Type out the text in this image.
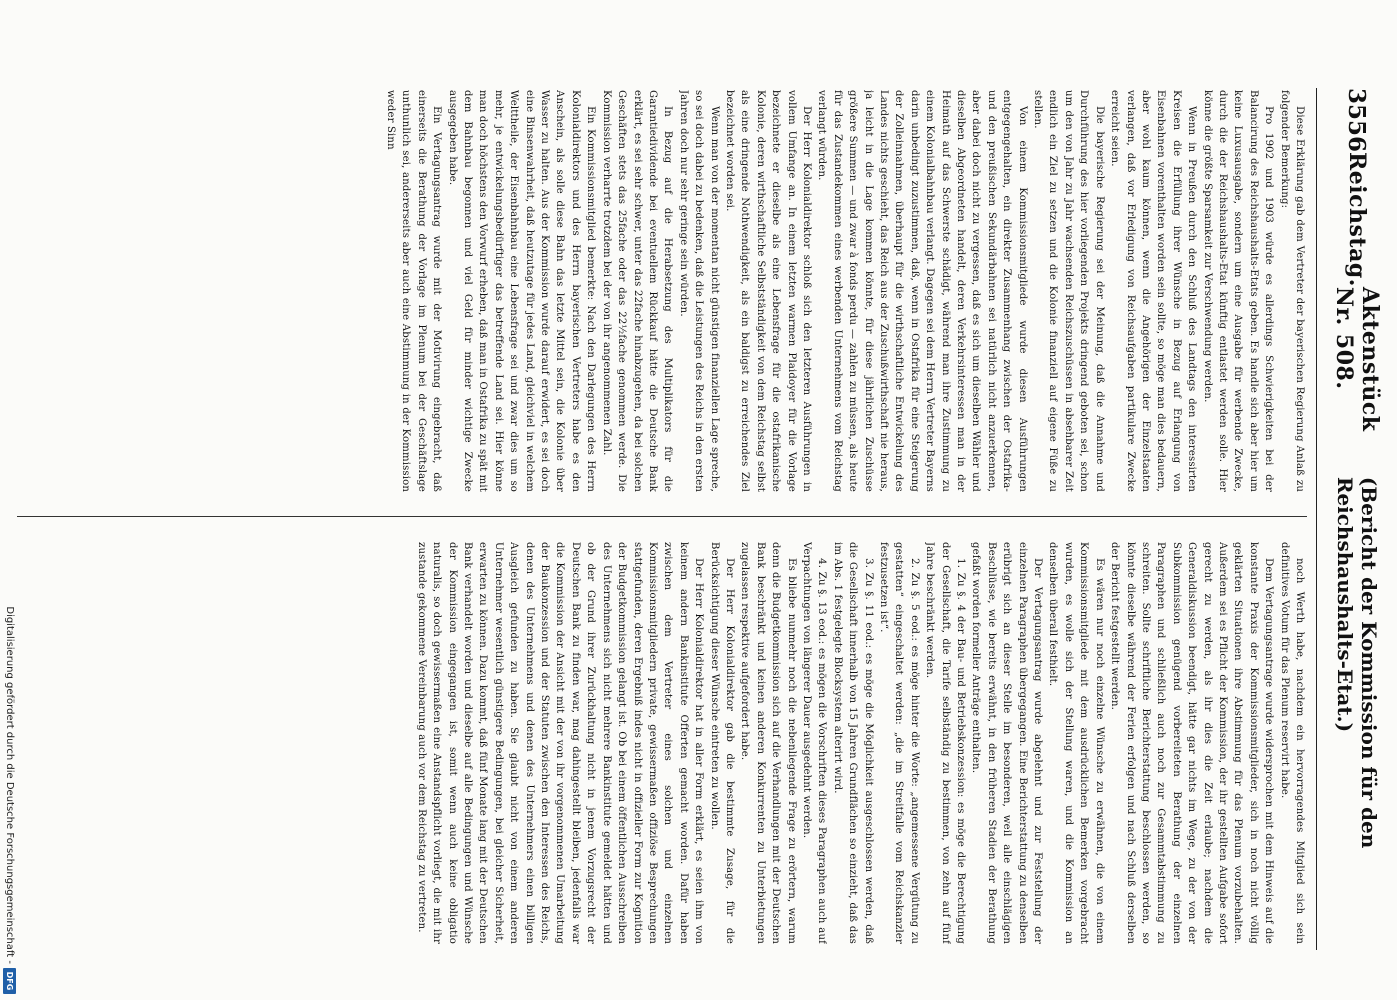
3556
Reichstag.
Aktenstück Nr. 508.
(Bericht der Kommission für den Reichshaushalts-Etat.)

Diese Erklärung gab dem Vertreter der bayerischen Regierung Anlaß zu folgender Bemerkung:

Pro 1902 und 1903 würde es allerdings Schwierigkeiten bei der Balancirung des Reichshaushalts-Etats geben. Es handle sich aber hier um keine Luxusausgabe, sondern um eine Ausgabe für werbende Zwecke, durch die der Reichshaushalts-Etat künftig entlastet werden solle. Hier könne die größte Sparsamkeit zur Verschwendung werden.

Wenn in Preußen durch den Schluß des Landtags den interessirten Kreisen die Erfüllung ihrer Wünsche in Bezug auf Erlangung von Eisenbahnen vorenthalten worden sein sollte, so möge man dies bedauern, aber wohl kaum können, wenn die Angehörigen der Einzelstaaten verlangen, daß vor Erledigung von Reichsaufgaben partikulare Zwecke erreicht seien.

Die bayerische Regierung sei der Meinung, daß die Annahme und Durchführung des hier vorliegenden Projekts dringend geboten sei, schon um den von Jahr zu Jahr wachsenden Reichszuschüssen in absehbarer Zeit endlich ein Ziel zu setzen und die Kolonie finanziell auf eigene Füße zu stellen.

Von einem Kommissionsmitgliede wurde diesen Ausführungen entgegengehalten, ein direkter Zusammenhang zwischen der Ostafrika- und den preußischen Sekundärbahnen sei natürlich nicht anzuerkennen, aber dabei doch nicht zu vergessen, daß es sich um dieselben Wähler und dieselben Abgeordneten handelt, deren Verkehrsinteressen man in der Heimath auf das Schwerste schädigt, während man ihre Zustimmung zu einem Kolonialbahnbau verlangt. Dagegen sei dem Herrn Vertreter Bayerns darin unbedingt zuzustimmen, daß, wenn in Ostafrika für eine Steigerung der Zolleinnahmen, überhaupt für die wirthschaftliche Entwickelung des Landes nichts geschieht, das Reich aus der Zuschußwirthschaft nie heraus, ja leicht in die Lage kommen könnte, für diese jährlichen Zuschüsse größere Summen — und zwar à fonds perdu — zahlen zu müssen, als heute für das Zustandekommen eines werbenden Unternehmens vom Reichstag verlangt würden.

Der Herr Kolonialdirektor schloß sich den letzteren Ausführungen in vollem Umfange an. In einem letzten warmen Plaidoyer für die Vorlage bezeichnete er dieselbe als eine Lebensfrage für die ostafrikanische Kolonie, deren wirthschaftliche Selbstständigkeit von dem Reichstag selbst als eine dringende Nothwendigkeit, als ein baldigst zu erreichendes Ziel bezeichnet worden sei.

Wenn man von der momentan nicht günstigen finanziellen Lage spreche, so sei doch dabei zu bedenken, daß die Leistungen des Reichs in den ersten Jahren doch nur sehr geringe sein würden.

In Bezug auf die Herabsetzung des Multiplikators für die Garantiedividende bei eventuellem Rückkauf hätte die Deutsche Bank erklärt, es sei sehr schwer, unter das 22fache hinabzugehen, da bei solchen Geschäften stets das 25fache oder das 22½fache genommen werde. Die Kommission verharrte trotzdem bei der von ihr angenommenen Zahl.

Ein Kommissionsmitglied bemerkte: Nach den Darlegungen des Herrn Kolonialdirektors und des Herrn bayerischen Vertreters habe es den Anschein, als solle diese Bahn das letzte Mittel sein, die Kolonie über Wasser zu halten. Aus der Kommission wurde darauf erwidert, es sei doch eine Binsenwahrheit, daß heutzutage für jedes Land, gleichviel in welchem Welttheile, der Eisenbahnbau eine Lebensfrage sei und zwar dies um so mehr, je entwickelungsbedürftiger das betreffende Land sei. Hier könne man doch höchstens den Vorwurf erheben, daß man in Ostafrika zu spät mit dem Bahnbau begonnen und viel Geld für minder wichtige Zwecke ausgegeben habe.

Ein Vertagungsantrag wurde mit der Motivirung eingebracht, daß einerseits die Berathung der Vorlage im Plenum bei der Geschäftslage unthunlich sei, andererseits aber auch eine Abstimmung in der Kommission weder Sinn

noch Werth habe, nachdem ein hervorragendes Mitglied sich sein definitives Votum für das Plenum reservirt habe.

Dem Vertagungsantrage wurde widersprochen mit dem Hinweis auf die konstante Praxis der Kommissionsmitglieder, sich in noch nicht völlig geklärten Situationen ihre Abstimmung für das Plenum vorzubehalten. Außerdem sei es Pflicht der Kommission, der ihr gestellten Aufgabe sofort gerecht zu werden, als ihr dies die Zeit erlaube; nachdem die Generaldiskussion beendigt, hätte gar nichts im Wege, zu der von der Subkommission genügend vorbereiteten Berathung der einzelnen Paragraphen und schließlich auch noch zur Gesammtabstimmung zu schreiten. Sollte schriftliche Berichterstattung beschlossen werden, so könnte dieselbe während der Ferien erfolgen und nach Schluß derselben der Bericht festgestellt werden.

Es wären nur noch einzelne Wünsche zu erwähnen, die von einem Kommissionsmitgliede mit dem ausdrücklichen Bemerken vorgebracht wurden, es wolle sich der Stellung waren, und die Kommission an denselben überall festhielt.

Der Vertagungsantrag wurde abgelehnt und zur Feststellung der einzelnen Paragraphen übergegangen. Eine Berichterstattung zu denselben erübrigt sich an dieser Stelle im besonderen, weil alle einschlägigen Beschlüsse, wie bereits erwähnt, in den früheren Stadien der Berathung gefaßt worden formeller Anträge enthalten.

1. Zu §. 4 der Bau- und Betriebskonzession: es möge die Berechtigung der Gesellschaft, die Tarife selbständig zu bestimmen, von zehn auf fünf Jahre beschränkt werden.

2. Zu §. 5 eod.: es möge hinter die Worte: „angemessene Vergütung zu gestatten“ eingeschaltet werden: „die im Streitfalle vom Reichskanzler festzusetzen ist“.

3. Zu §. 11 eod.: es möge die Möglichkeit ausgeschlossen werden, daß die Gesellschaft innerhalb von 15 Jahren Grundflächen so einzieht, daß das im Abs. 1 festgelegte Blocksystem alterirt wird.

4. Zu §. 13 eod.: es mögen die Vorschriften dieses Paragraphen auch auf Verpachtungen von längerer Dauer ausgedehnt werden.

Es bliebe nunmehr noch die nebenliegende Frage zu erörtern, warum denn die Budgetkommission sich auf die Verhandlungen mit der Deutschen Bank beschränkt und keinen anderen Konkurrenten zu Unterbietungen zugelassen respektive aufgefordert habe.

Der Herr Kolonialdirektor gab die bestimmte Zusage, für die Berücksichtigung dieser Wünsche eintreten zu wollen.

Der Herr Kolonialdirektor hat in aller Form erklärt, es seien ihm von keinem andern Bankinstitute Offerten gemacht worden. Dafür haben zwischen dem Vertreter eines solchen und einzelnen Kommissionsmitgliedern private, gewissermaßen offiziöse Besprechungen stattgefunden, deren Ergebniß indes nicht in offizieller Form zur Kognition der Budgetkommission gelangt ist. Ob bei einem öffentlichen Ausschreiben des Unternehmens sich nicht mehrere Bankinstitute gemeldet hätten und ob der Grund ihrer Zurückhaltung nicht in jenem Vorzugsrecht der Deutschen Bank zu finden war, mag dahingestellt bleiben, jedenfalls war die Kommission der Ansicht mit der von ihr vorgenommenen Umarbeitung der Baukonzession und der Statuten zwischen den Interessen des Reichs, denen des Unternehmens und denen des Unternehmers einen billigen Ausgleich gefunden zu haben. Sie glaubt nicht von einem anderen Unternehmer wesentlich günstigere Bedingungen, bei gleicher Sicherheit, erwarten zu können. Dazu kommt, daß fünf Monate lang mit der Deutschen Bank verhandelt worden und dieselbe auf alle Bedingungen und Wünsche der Kommission eingegangen ist, somit wenn auch keine obligatio naturalis, so doch gewissermaßen eine Anstandspflicht vorliegt, die mit ihr zustande gekommene Vereinbarung auch vor dem Reichstag zu vertreten.

Digitalisierung gefördert durch die Deutsche Forschungsgemeinschaft -
DFG
